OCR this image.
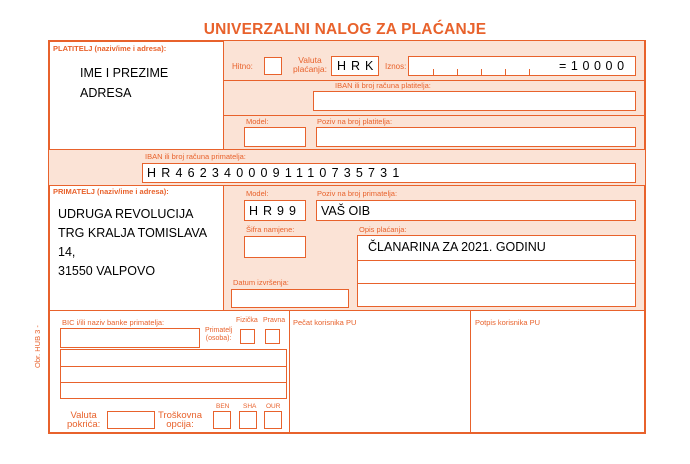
UNIVERZALNI NALOG ZA PLAĆANJE
PLATITELJ (naziv/ime i adresa):
IME I PREZIME
ADRESA
Hitno:
Valuta
plaćanja: HRK Iznos:	=10000
IBAN ili broj računa platitelja:
Model:	Poziv na broj platitelja:
IBAN ili broj računa primatelja:
HR4623400091110735731
PRIMATELJ (naziv/ime i adresa):
UDRUGA REVOLUCIJA
TRG KRALJA TOMISLAVA
14,
31550 VALPOVO
Model:
HR99
Poziv na broj primatelja:
VAŠ OIB
Šifra namjene:	Opis plaćanja:
ČLANARINA ZA 2021. GODINU
Datum izvršenja:
BIC i/ili naziv banke primatelja:	Fizička Pravna
Primatelj
(osoba):
Valuta
pokrića:
Troškovna
opcija:
BEN SHA OUR
Pečat korisnika PU	Potpis korisnika PU
Obr. HUB 3 -
